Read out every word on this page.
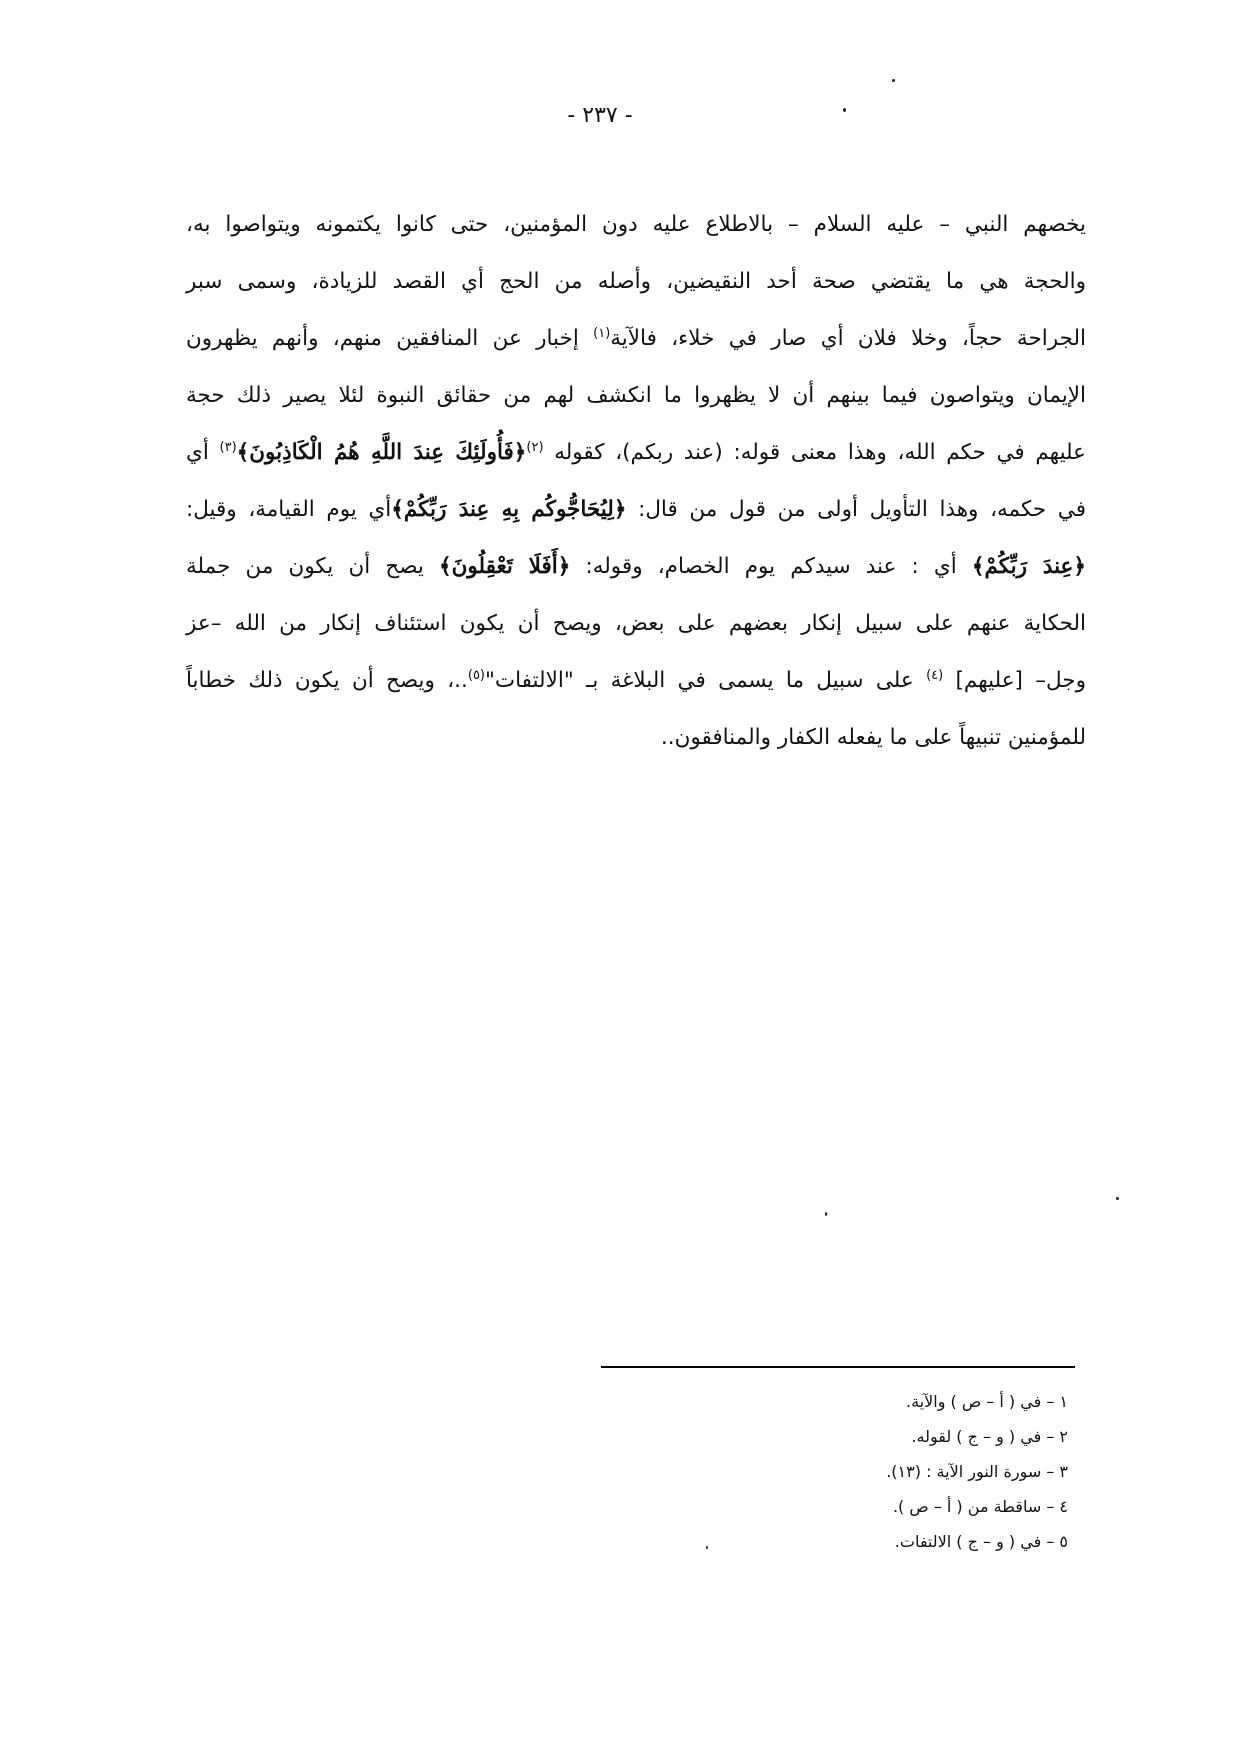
- ٢٣٧ -
يخصهم النبي – عليه السلام – بالاطلاع عليه دون المؤمنين، حتى كانوا يكتمونه ويتواصوا به،
والحجة هي ما يقتضي صحة أحد النقيضين، وأصله من الحج أي القصد للزيادة، وسمى سبر
الجراحة حجاً، وخلا فلان أي صار في خلاء، فالآية$^{(١)}$ إخبار عن المنافقين منهم، وأنهم يظهرون
الإيمان ويتواصون فيما بينهم أن لا يظهروا ما انكشف لهم من حقائق النبوة لئلا يصير ذلك حجة
عليهم في حكم الله، وهذا معنى قوله: (عند ربكم)، كقوله $^{(٢)}$﴿فَأُولَئِكَ عِندَ اللَّهِ هُمُ الْكَاذِبُونَ﴾$^{(٣)}$ أي
في حكمه، وهذا التأويل أولى من قول من قال: ﴿لِيُحَاجُّوكُم بِهِ عِندَ رَبِّكُمْ﴾أي يوم القيامة، وقيل:
﴿عِندَ رَبِّكُمْ﴾ أي : عند سيدكم يوم الخصام، وقوله: ﴿أَفَلَا تَعْقِلُونَ﴾ يصح أن يكون من جملة
الحكاية عنهم على سبيل إنكار بعضهم على بعض، ويصح أن يكون استئناف إنكار من الله –عز
وجل– [عليهم] $^{(٤)}$ على سبيل ما يسمى في البلاغة بـ "الالتفات"$^{(٥)}$..، ويصح أن يكون ذلك خطاباً
للمؤمنين تنبيهاً على ما يفعله الكفار والمنافقون..
١ – في ( أ – ص ) والآية.
٢ – في ( و – ج ) لقوله.
٣ – سورة النور الآية : (١٣).
٤ – ساقطة من ( أ – ص ).
٥ – في ( و – ج ) الالتفات.
